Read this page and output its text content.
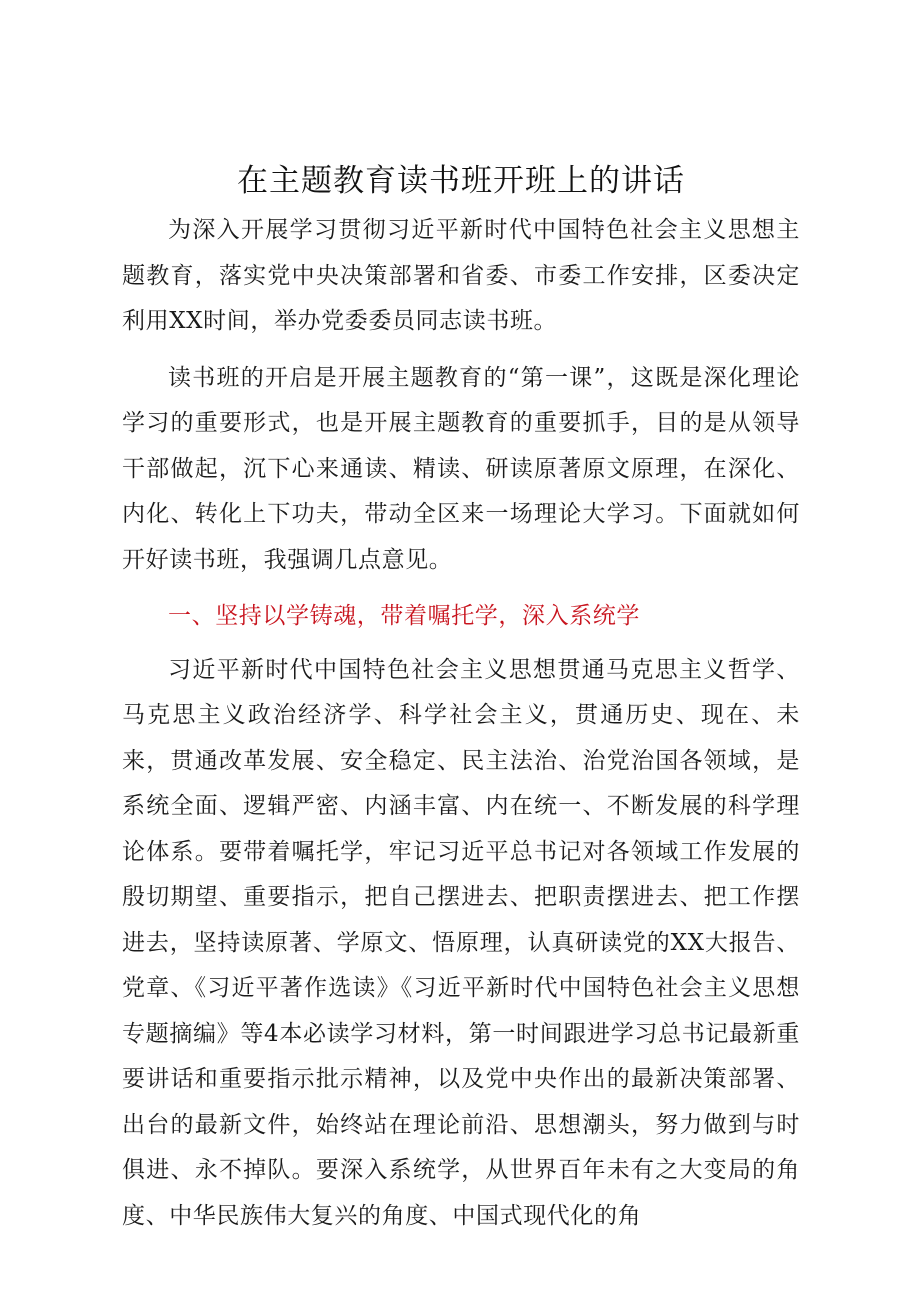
在主题教育读书班开班上的讲话

为深入开展学习贯彻习近平新时代中国特色社会主义思想主题教育，落实党中央决策部署和省委、市委工作安排，区委决定利用XX时间，举办党委委员同志读书班。

读书班的开启是开展主题教育的“第一课”，这既是深化理论学习的重要形式，也是开展主题教育的重要抓手，目的是从领导干部做起，沉下心来通读、精读、研读原著原文原理，在深化、内化、转化上下功夫，带动全区来一场理论大学习。下面就如何开好读书班，我强调几点意见。

一、坚持以学铸魂，带着嘱托学，深入系统学

习近平新时代中国特色社会主义思想贯通马克思主义哲学、马克思主义政治经济学、科学社会主义，贯通历史、现在、未来，贯通改革发展、安全稳定、民主法治、治党治国各领域，是系统全面、逻辑严密、内涵丰富、内在统一、不断发展的科学理论体系。要带着嘱托学，牢记习近平总书记对各领域工作发展的殷切期望、重要指示，把自己摆进去、把职责摆进去、把工作摆进去，坚持读原著、学原文、悟原理，认真研读党的XX大报告、党章、《习近平著作选读》《习近平新时代中国特色社会主义思想专题摘编》等4本必读学习材料，第一时间跟进学习总书记最新重要讲话和重要指示批示精神，以及党中央作出的最新决策部署、出台的最新文件，始终站在理论前沿、思想潮头，努力做到与时俱进、永不掉队。要深入系统学，从世界百年未有之大变局的角度、中华民族伟大复兴的角度、中国式现代化的角
